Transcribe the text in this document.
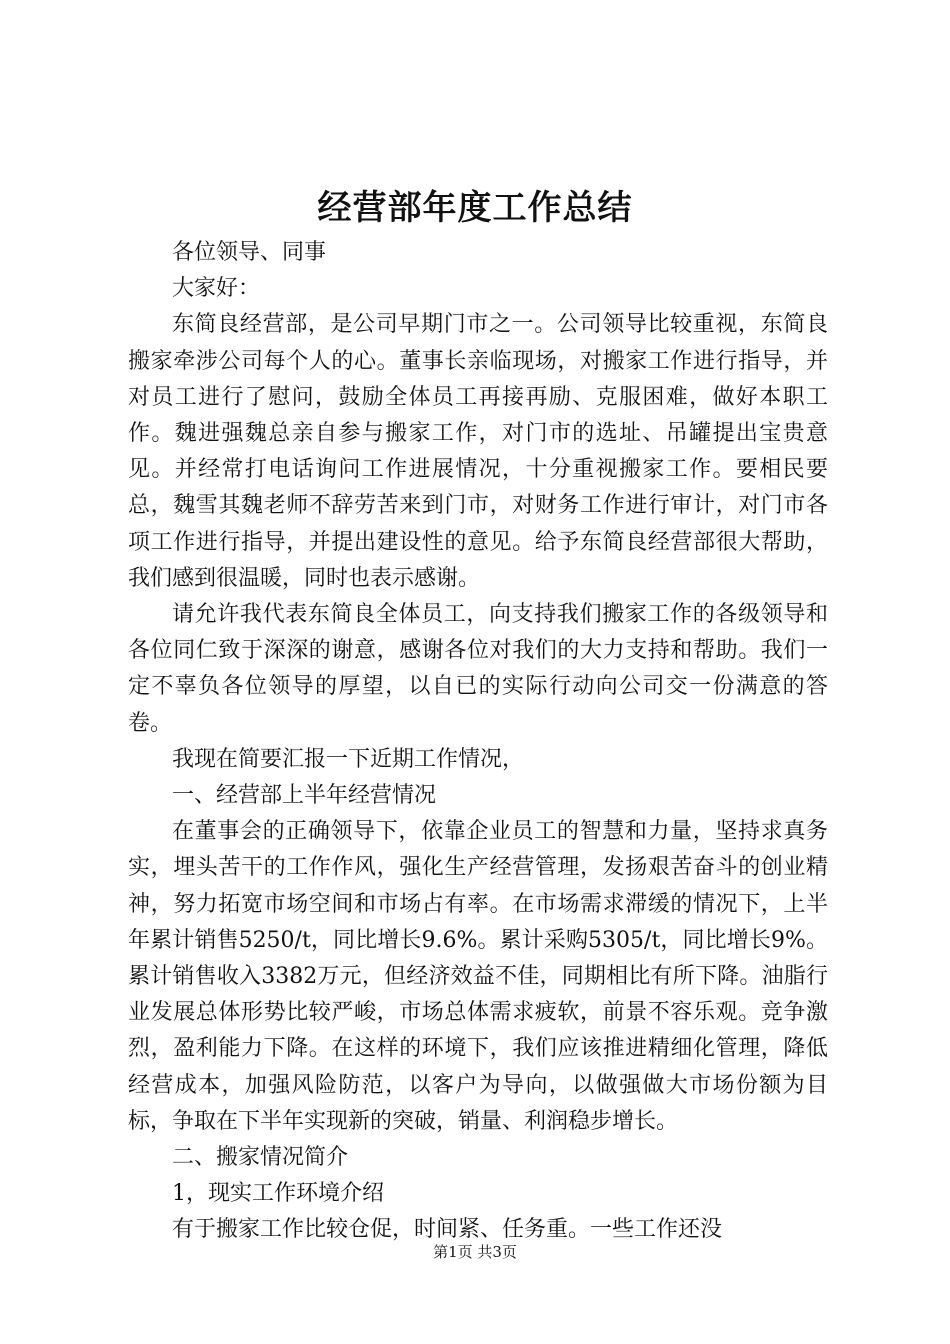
经营部年度工作总结

各位领导、同事

大家好：

东简良经营部，是公司早期门市之一。公司领导比较重视，东简良搬家牵涉公司每个人的心。董事长亲临现场，对搬家工作进行指导，并对员工进行了慰问，鼓励全体员工再接再励、克服困难，做好本职工作。魏进强魏总亲自参与搬家工作，对门市的选址、吊罐提出宝贵意见。并经常打电话询问工作进展情况，十分重视搬家工作。要相民要总，魏雪其魏老师不辞劳苦来到门市，对财务工作进行审计，对门市各项工作进行指导，并提出建设性的意见。给予东简良经营部很大帮助，我们感到很温暖，同时也表示感谢。

请允许我代表东简良全体员工，向支持我们搬家工作的各级领导和各位同仁致于深深的谢意，感谢各位对我们的大力支持和帮助。我们一定不辜负各位领导的厚望，以自已的实际行动向公司交一份满意的答卷。

我现在简要汇报一下近期工作情况，

一、经营部上半年经营情况

在董事会的正确领导下，依靠企业员工的智慧和力量，坚持求真务实，埋头苦干的工作作风，强化生产经营管理，发扬艰苦奋斗的创业精神，努力拓宽市场空间和市场占有率。在市场需求滞缓的情况下，上半年累计销售5250/t，同比增长9.6%。累计采购5305/t，同比增长9%。累计销售收入3382万元，但经济效益不佳，同期相比有所下降。油脂行业发展总体形势比较严峻，市场总体需求疲软，前景不容乐观。竞争激烈，盈利能力下降。在这样的环境下，我们应该推进精细化管理，降低经营成本，加强风险防范，以客户为导向，以做强做大市场份额为目标，争取在下半年实现新的突破，销量、利润稳步增长。

二、搬家情况简介

1，现实工作环境介绍

有于搬家工作比较仓促，时间紧、任务重。一些工作还没

第1页 共3页
